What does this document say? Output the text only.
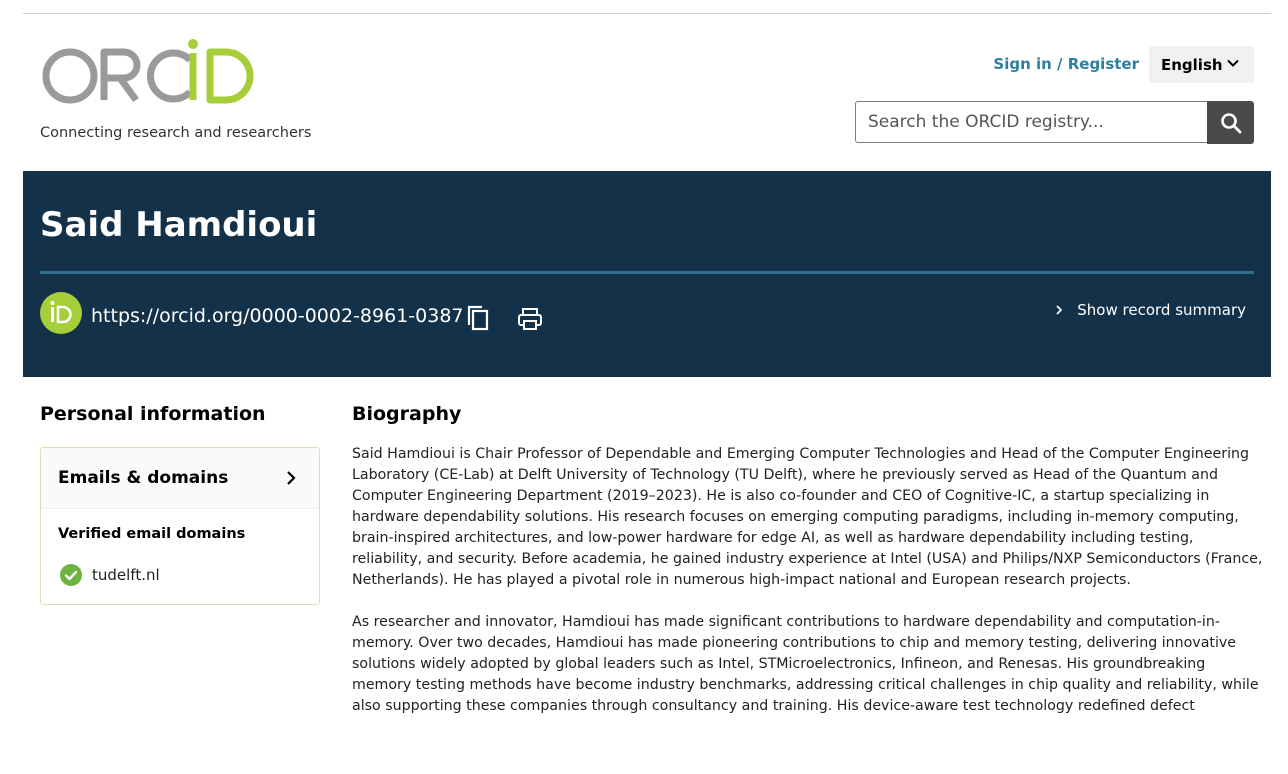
Connecting research and researchers
Sign in / Register English
Search the ORCID registry...
Said Hamdioui
https://orcid.org/0000-0002-8961-0387	Show record summary
Personal information
Emails & domains
Verified email domains
tudelft.nl
Biography

Said Hamdioui is Chair Professor of Dependable and Emerging Computer Technologies and Head of the Computer Engineering Laboratory (CE-Lab) at Delft University of Technology (TU Delft), where he previously served as Head of the Quantum and Computer Engineering Department (2019–2023). He is also co-founder and CEO of Cognitive-IC, a startup specializing in hardware dependability solutions. His research focuses on emerging computing paradigms, including in-memory computing, brain-inspired architectures, and low-power hardware for edge AI, as well as hardware dependability including testing, reliability, and security. Before academia, he gained industry experience at Intel (USA) and Philips/NXP Semiconductors (France, Netherlands). He has played a pivotal role in numerous high-impact national and European research projects.

As researcher and innovator, Hamdioui has made significant contributions to hardware dependability and computation-in-memory. Over two decades, Hamdioui has made pioneering contributions to chip and memory testing, delivering innovative solutions widely adopted by global leaders such as Intel, STMicroelectronics, Infineon, and Renesas. His groundbreaking memory testing methods have become industry benchmarks, addressing critical challenges in chip quality and reliability, while also supporting these companies through consultancy and training. His device-aware test technology redefined defect
